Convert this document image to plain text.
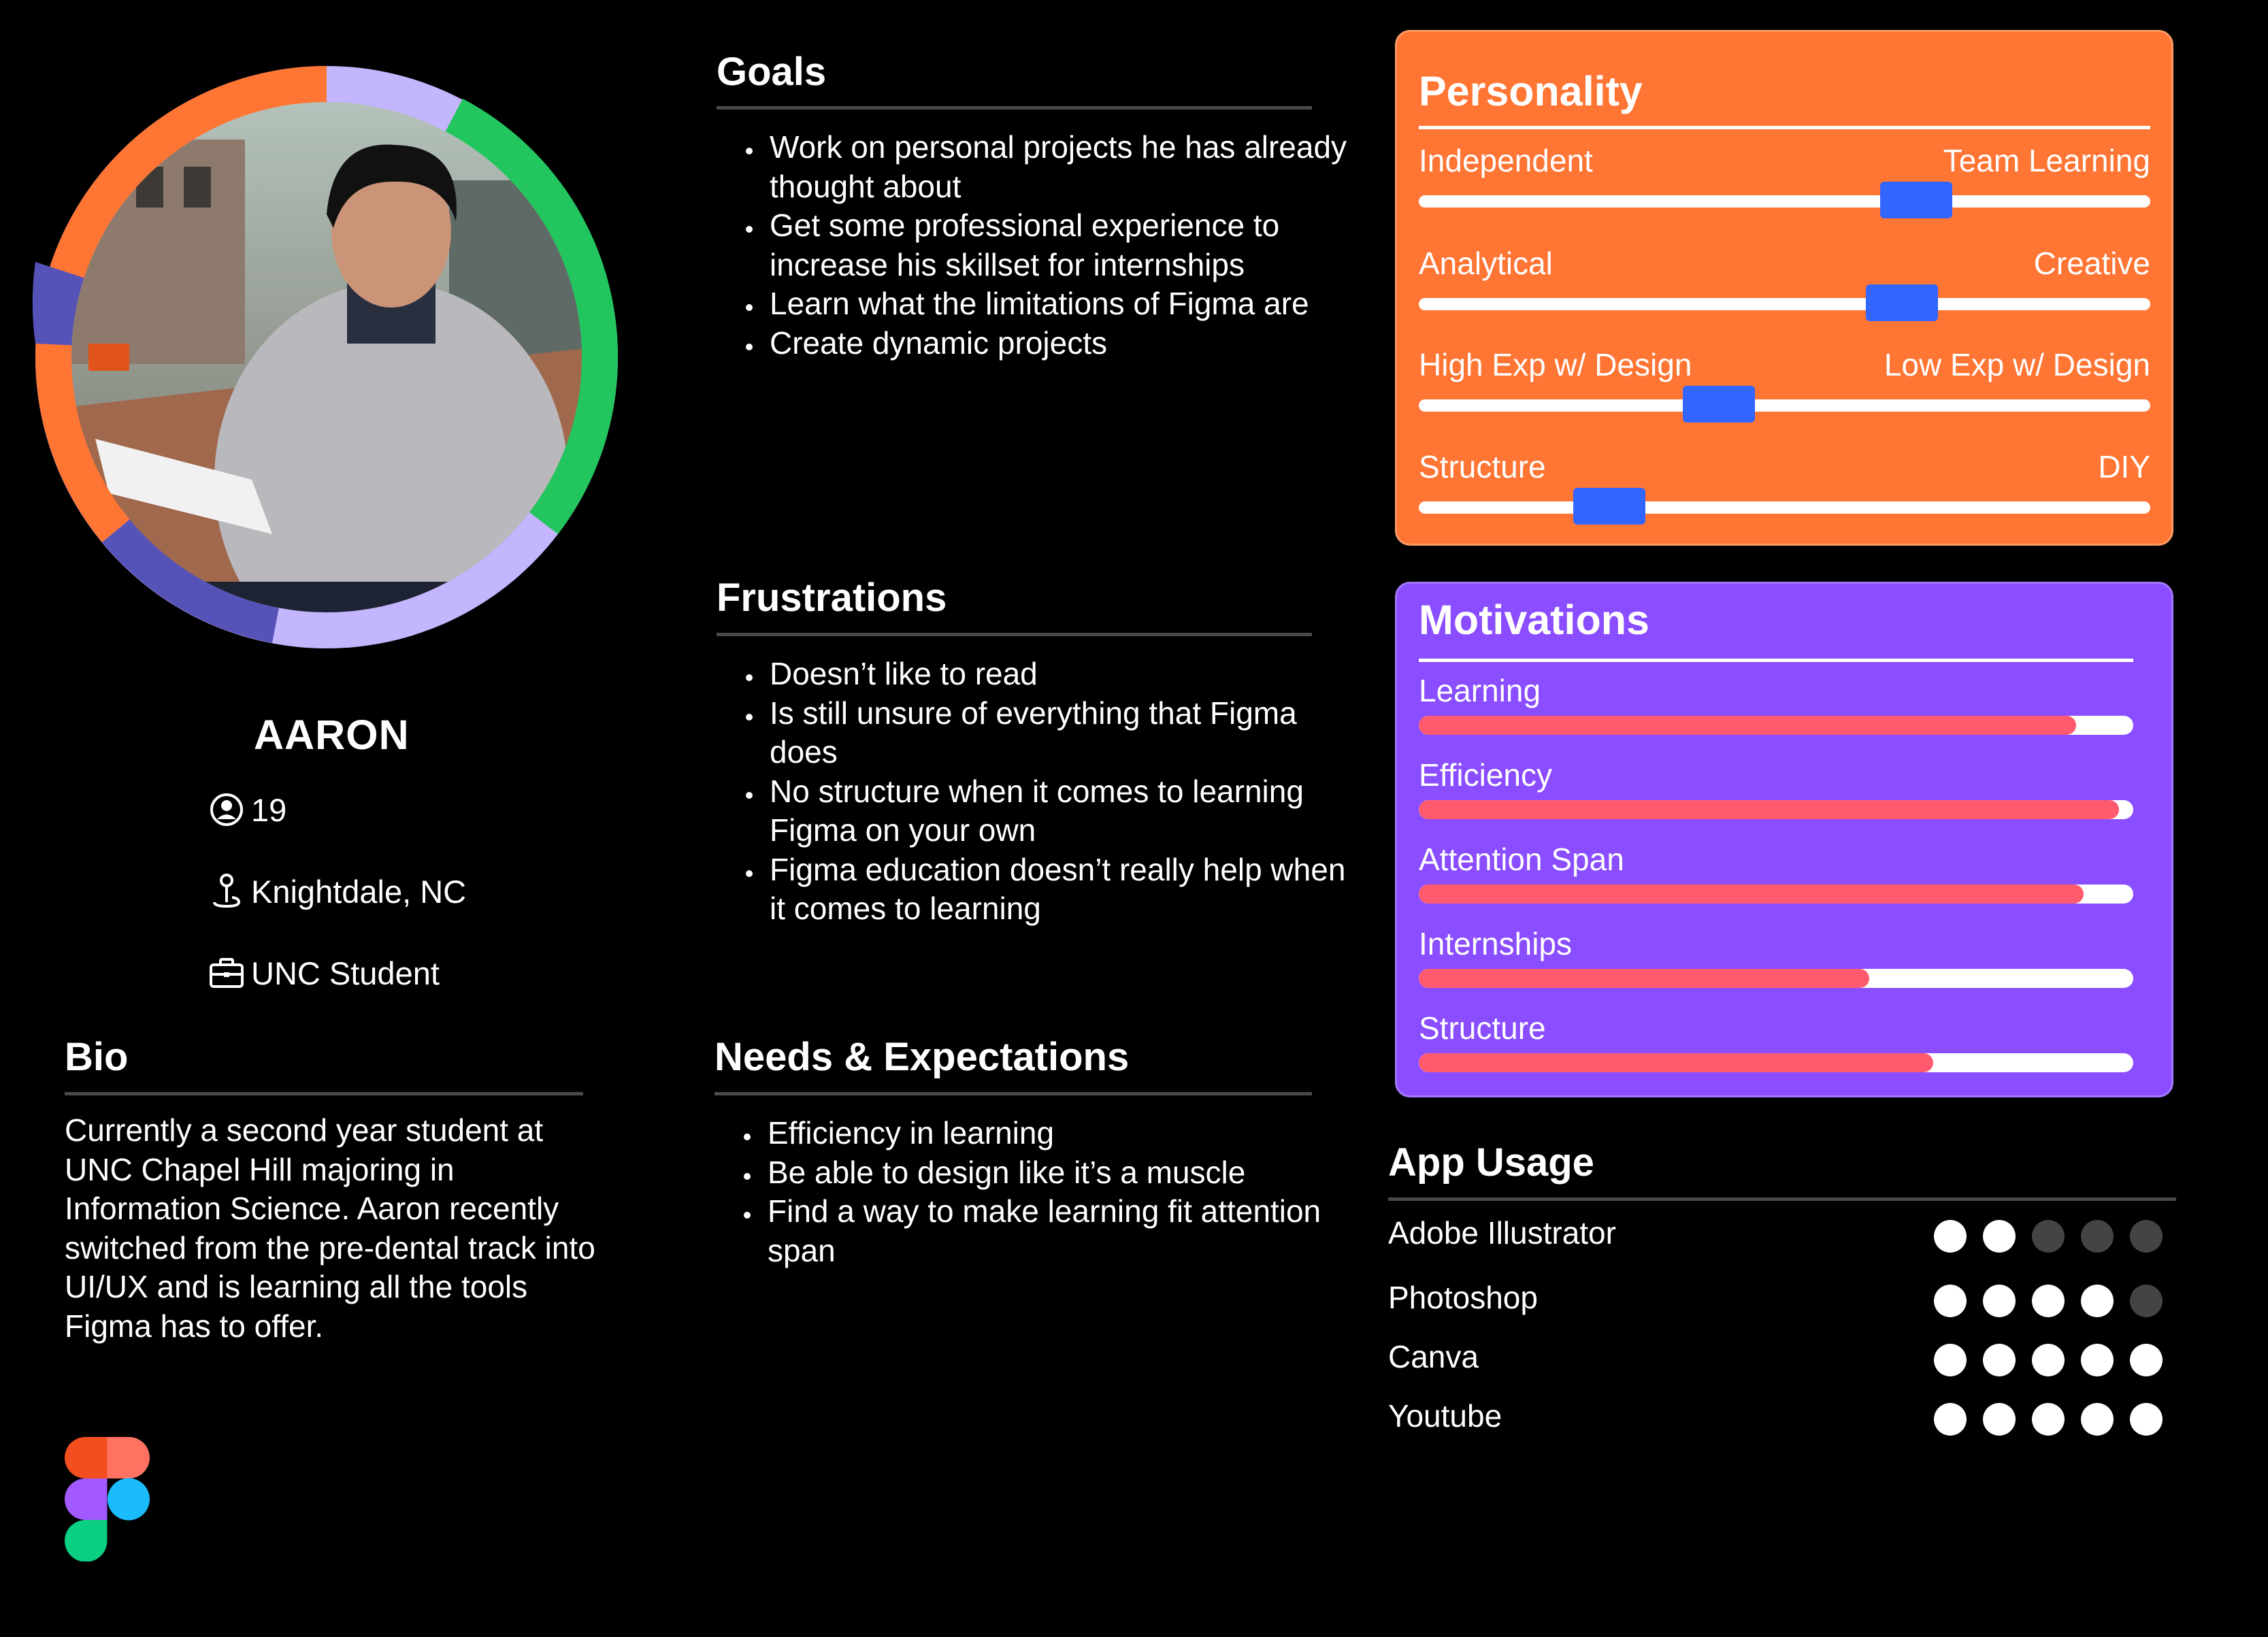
AARON
19
Knightdale, NC
UNC Student
Bio
Currently a second year student at UNC Chapel Hill majoring in Information Science. Aaron recently switched from the pre-dental track into UI/UX and is learning all the tools Figma has to offer.
Goals
• Work on personal projects he has already thought about
• Get some professional experience to increase his skillset for internships
• Learn what the limitations of Figma are
• Create dynamic projects
Frustrations
• Doesn’t like to read
• Is still unsure of everything that Figma does
• No structure when it comes to learning Figma on your own
• Figma education doesn’t really help when it comes to learning
Needs & Expectations
• Efficiency in learning
• Be able to design like it’s a muscle
• Find a way to make learning fit attention span
Personality
Independent	Team Learning
Analytical	Creative
High Exp w/ Design	Low Exp w/ Design
Structure	DIY
Motivations
Learning
Efficiency
Attention Span
Internships
Structure
App Usage
Adobe Illustrator
Photoshop
Canva
Youtube
